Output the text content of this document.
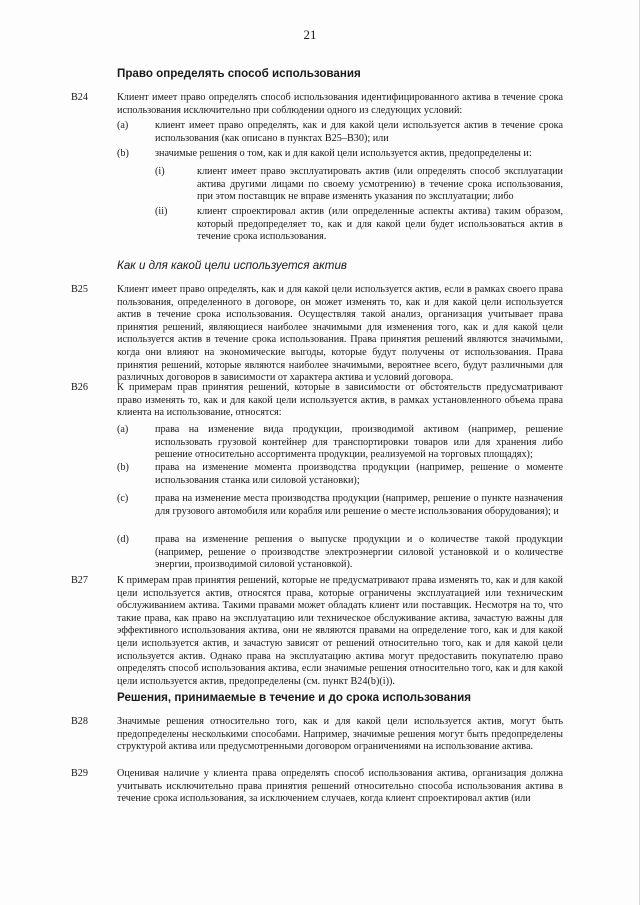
21
Право определять способ использования
B24	Клиент имеет право определять способ использования идентифицированного актива в течение срока использования исключительно при соблюдении одного из следующих условий:
(a)	клиент имеет право определять, как и для какой цели используется актив в течение срока использования (как описано в пунктах B25–B30); или
(b)	значимые решения о том, как и для какой цели используется актив, предопределены и:
(i)	клиент имеет право эксплуатировать актив (или определять способ эксплуатации актива другими лицами по своему усмотрению) в течение срока использования, при этом поставщик не вправе изменять указания по эксплуатации; либо
(ii)	клиент спроектировал актив (или определенные аспекты актива) таким образом, который предопределяет то, как и для какой цели будет использоваться актив в течение срока использования.
Как и для какой цели используется актив
B25	Клиент имеет право определять, как и для какой цели используется актив, если в рамках своего права пользования, определенного в договоре, он может изменять то, как и для какой цели используется актив в течение срока использования. Осуществляя такой анализ, организация учитывает права принятия решений, являющиеся наиболее значимыми для изменения того, как и для какой цели используется актив в течение срока использования. Права принятия решений являются значимыми, когда они влияют на экономические выгоды, которые будут получены от использования. Права принятия решений, которые являются наиболее значимыми, вероятнее всего, будут различными для различных договоров в зависимости от характера актива и условий договора.
B26	К примерам прав принятия решений, которые в зависимости от обстоятельств предусматривают право изменять то, как и для какой цели используется актив, в рамках установленного объема права клиента на использование, относятся:
(a)	права на изменение вида продукции, производимой активом (например, решение использовать грузовой контейнер для транспортировки товаров или для хранения либо решение относительно ассортимента продукции, реализуемой на торговых площадях);
(b)	права на изменение момента производства продукции (например, решение о моменте использования станка или силовой установки);
(c)	права на изменение места производства продукции (например, решение о пункте назначения для грузового автомобиля или корабля или решение о месте использования оборудования); и
(d)	права на изменение решения о выпуске продукции и о количестве такой продукции (например, решение о производстве электроэнергии силовой установкой и о количестве энергии, производимой силовой установкой).
B27	К примерам прав принятия решений, которые не предусматривают права изменять то, как и для какой цели используется актив, относятся права, которые ограничены эксплуатацией или техническим обслуживанием актива. Такими правами может обладать клиент или поставщик. Несмотря на то, что такие права, как право на эксплуатацию или техническое обслуживание актива, зачастую важны для эффективного использования актива, они не являются правами на определение того, как и для какой цели используется актив, и зачастую зависят от решений относительно того, как и для какой цели используется актив. Однако права на эксплуатацию актива могут предоставить покупателю право определять способ использования актива, если значимые решения относительно того, как и для какой цели используется актив, предопределены (см. пункт B24(b)(i)).
Решения, принимаемые в течение и до срока использования
B28	Значимые решения относительно того, как и для какой цели используется актив, могут быть предопределены несколькими способами. Например, значимые решения могут быть предопределены структурой актива или предусмотренными договором ограничениями на использование актива.
B29	Оценивая наличие у клиента права определять способ использования актива, организация должна учитывать исключительно права принятия решений относительно способа использования актива в течение срока использования, за исключением случаев, когда клиент спроектировал актив (или
